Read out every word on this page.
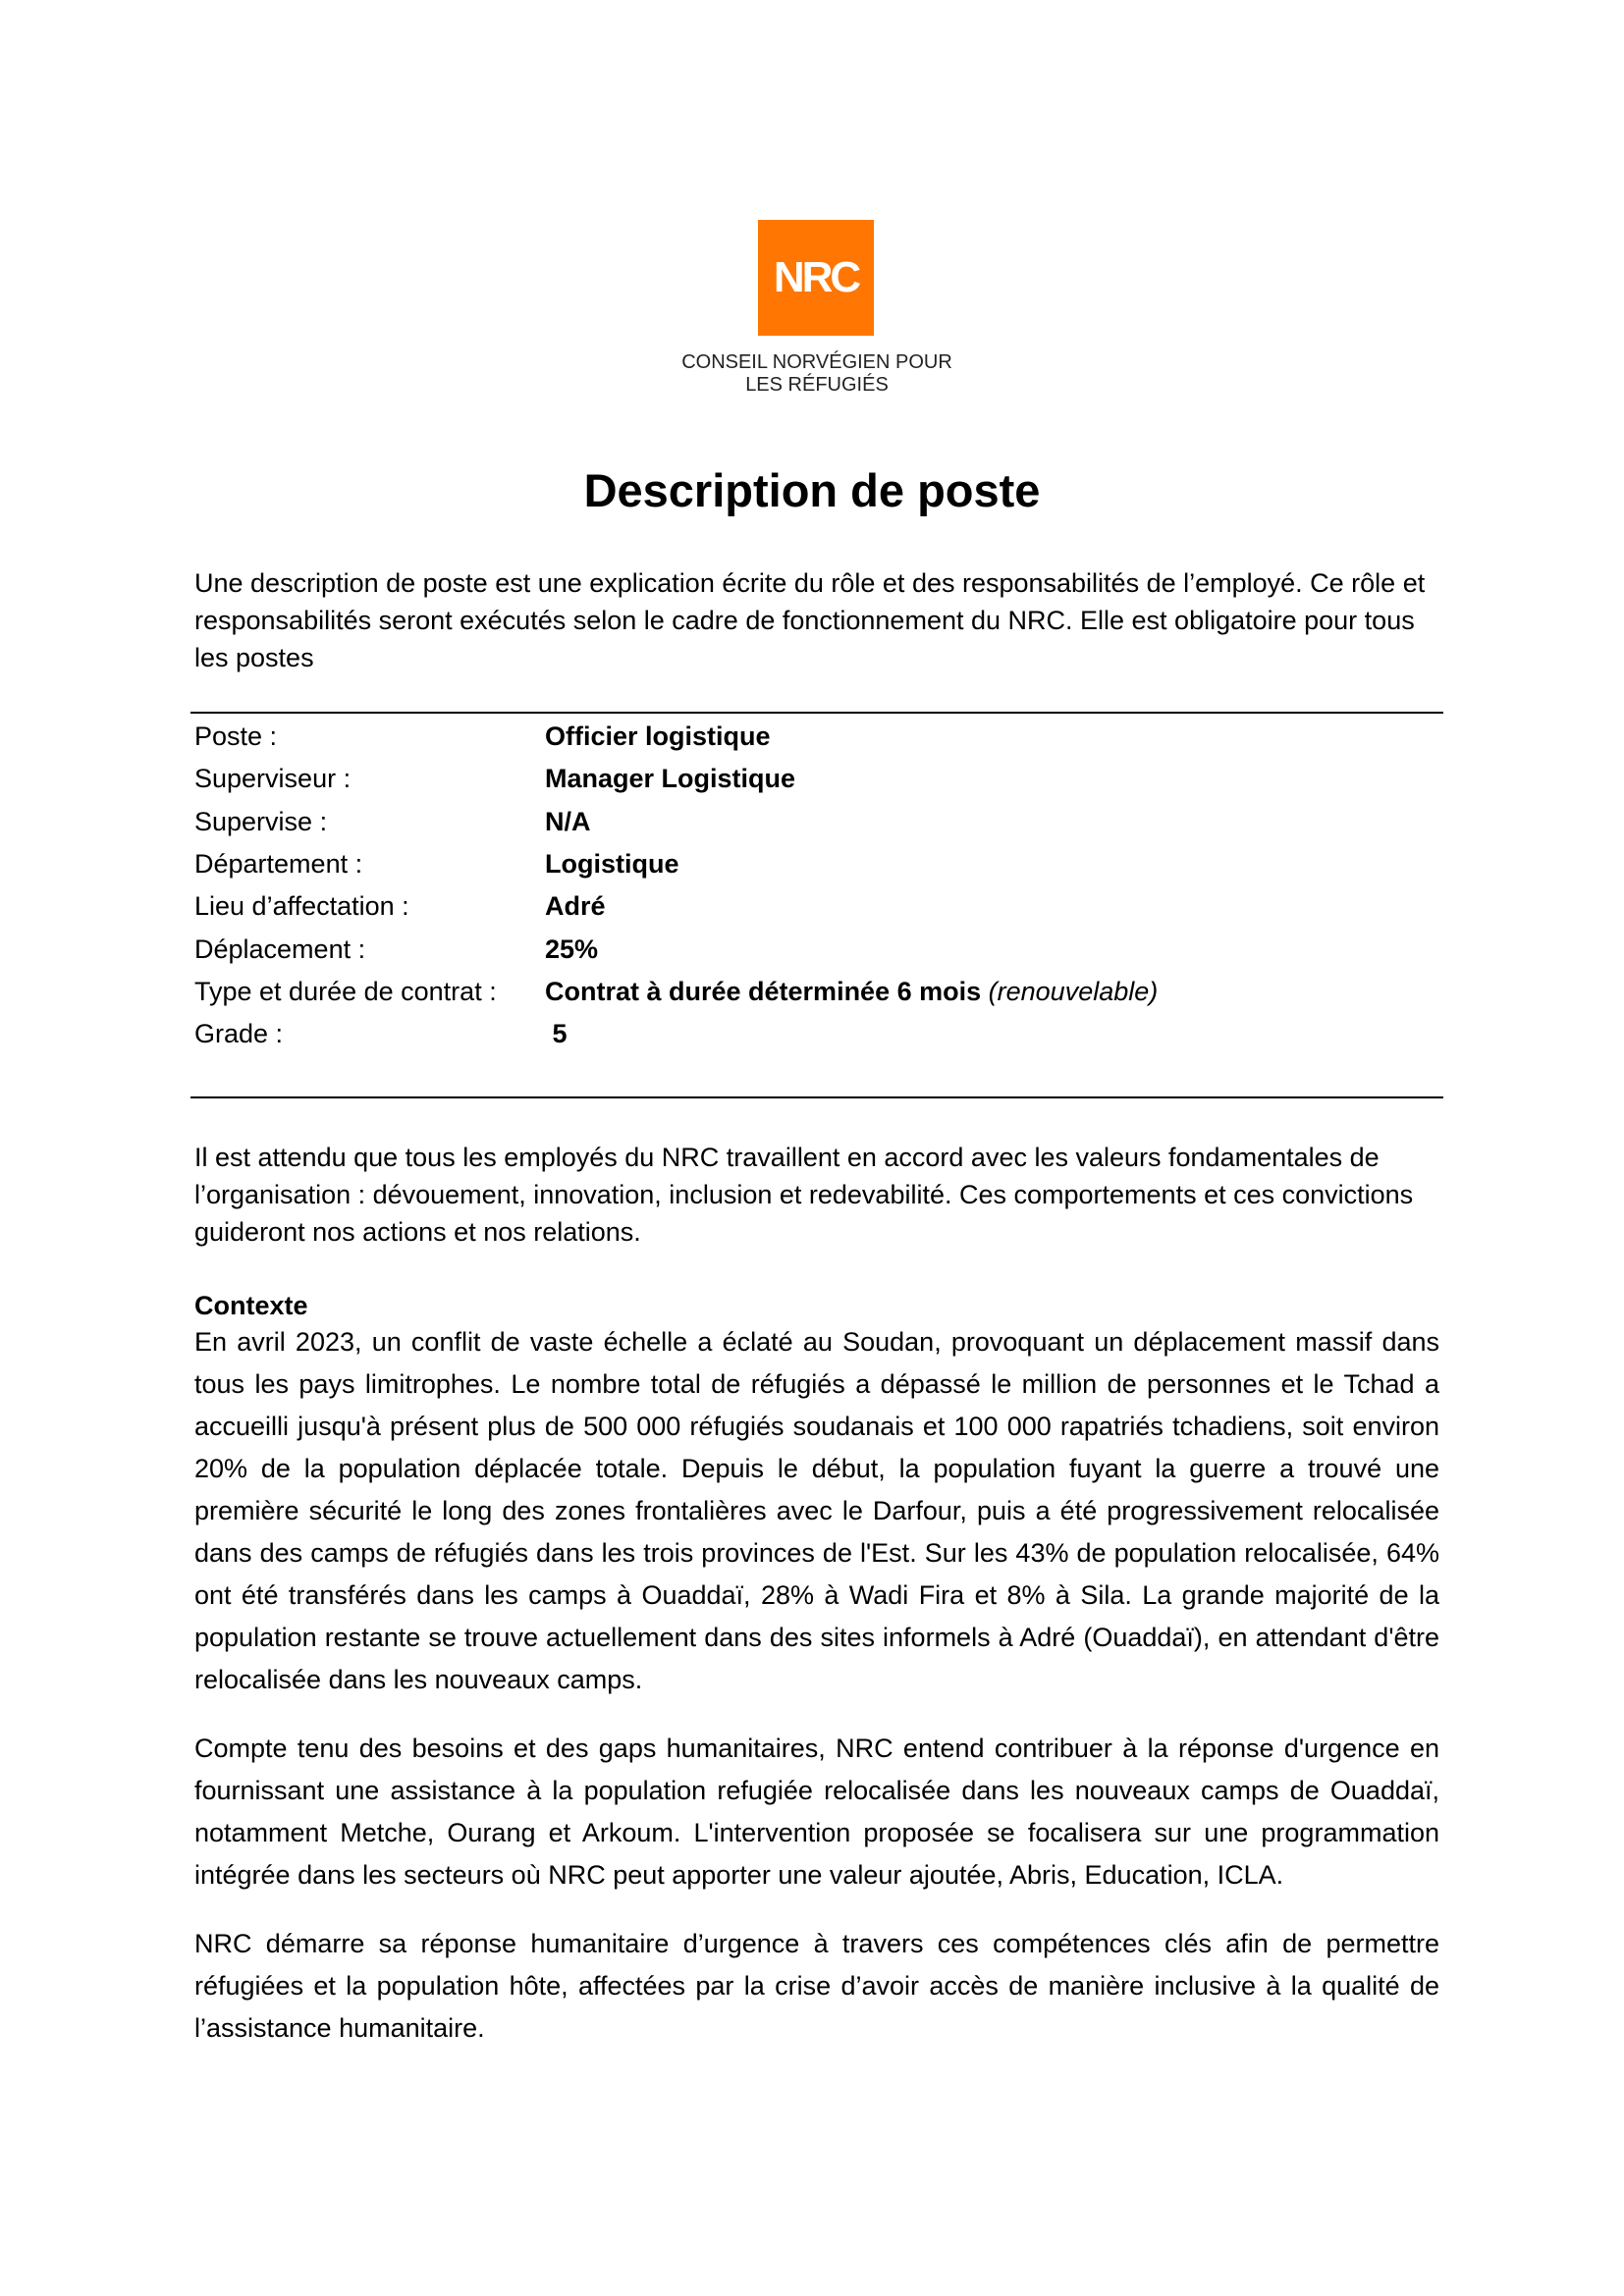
NRC
CONSEIL NORVÉGIEN POUR
LES RÉFUGIÉS
Description de poste

Une description de poste est une explication écrite du rôle et des responsabilités de l’employé. Ce rôle et responsabilités seront exécutés selon le cadre de fonctionnement du NRC. Elle est obligatoire pour tous les postes

Poste :	Officier logistique
Superviseur :	Manager Logistique
Supervise :	N/A
Département :	Logistique
Lieu d’affectation :	Adré
Déplacement :	25%
Type et durée de contrat :	Contrat à durée déterminée 6 mois (renouvelable)
Grade :	5

Il est attendu que tous les employés du NRC travaillent en accord avec les valeurs fondamentales de l’organisation : dévouement, innovation, inclusion et redevabilité. Ces comportements et ces convictions guideront nos actions et nos relations.

Contexte

En avril 2023, un conflit de vaste échelle a éclaté au Soudan, provoquant un déplacement massif dans tous les pays limitrophes. Le nombre total de réfugiés a dépassé le million de personnes et le Tchad a accueilli jusqu'à présent plus de 500 000 réfugiés soudanais et 100 000 rapatriés tchadiens, soit environ 20% de la population déplacée totale. Depuis le début, la population fuyant la guerre a trouvé une première sécurité le long des zones frontalières avec le Darfour, puis a été progressivement relocalisée dans des camps de réfugiés dans les trois provinces de l'Est. Sur les 43% de population relocalisée, 64% ont été transférés dans les camps à Ouaddaï, 28% à Wadi Fira et 8% à Sila. La grande majorité de la population restante se trouve actuellement dans des sites informels à Adré (Ouaddaï), en attendant d'être relocalisée dans les nouveaux camps.

Compte tenu des besoins et des gaps humanitaires, NRC entend contribuer à la réponse d'urgence en fournissant une assistance à la population refugiée relocalisée dans les nouveaux camps de Ouaddaï, notamment Metche, Ourang et Arkoum. L'intervention proposée se focalisera sur une programmation intégrée dans les secteurs où NRC peut apporter une valeur ajoutée, Abris, Education, ICLA.

NRC démarre sa réponse humanitaire d’urgence à travers ces compétences clés afin de permettre réfugiées et la population hôte, affectées par la crise d’avoir accès de manière inclusive à la qualité de l’assistance humanitaire.
